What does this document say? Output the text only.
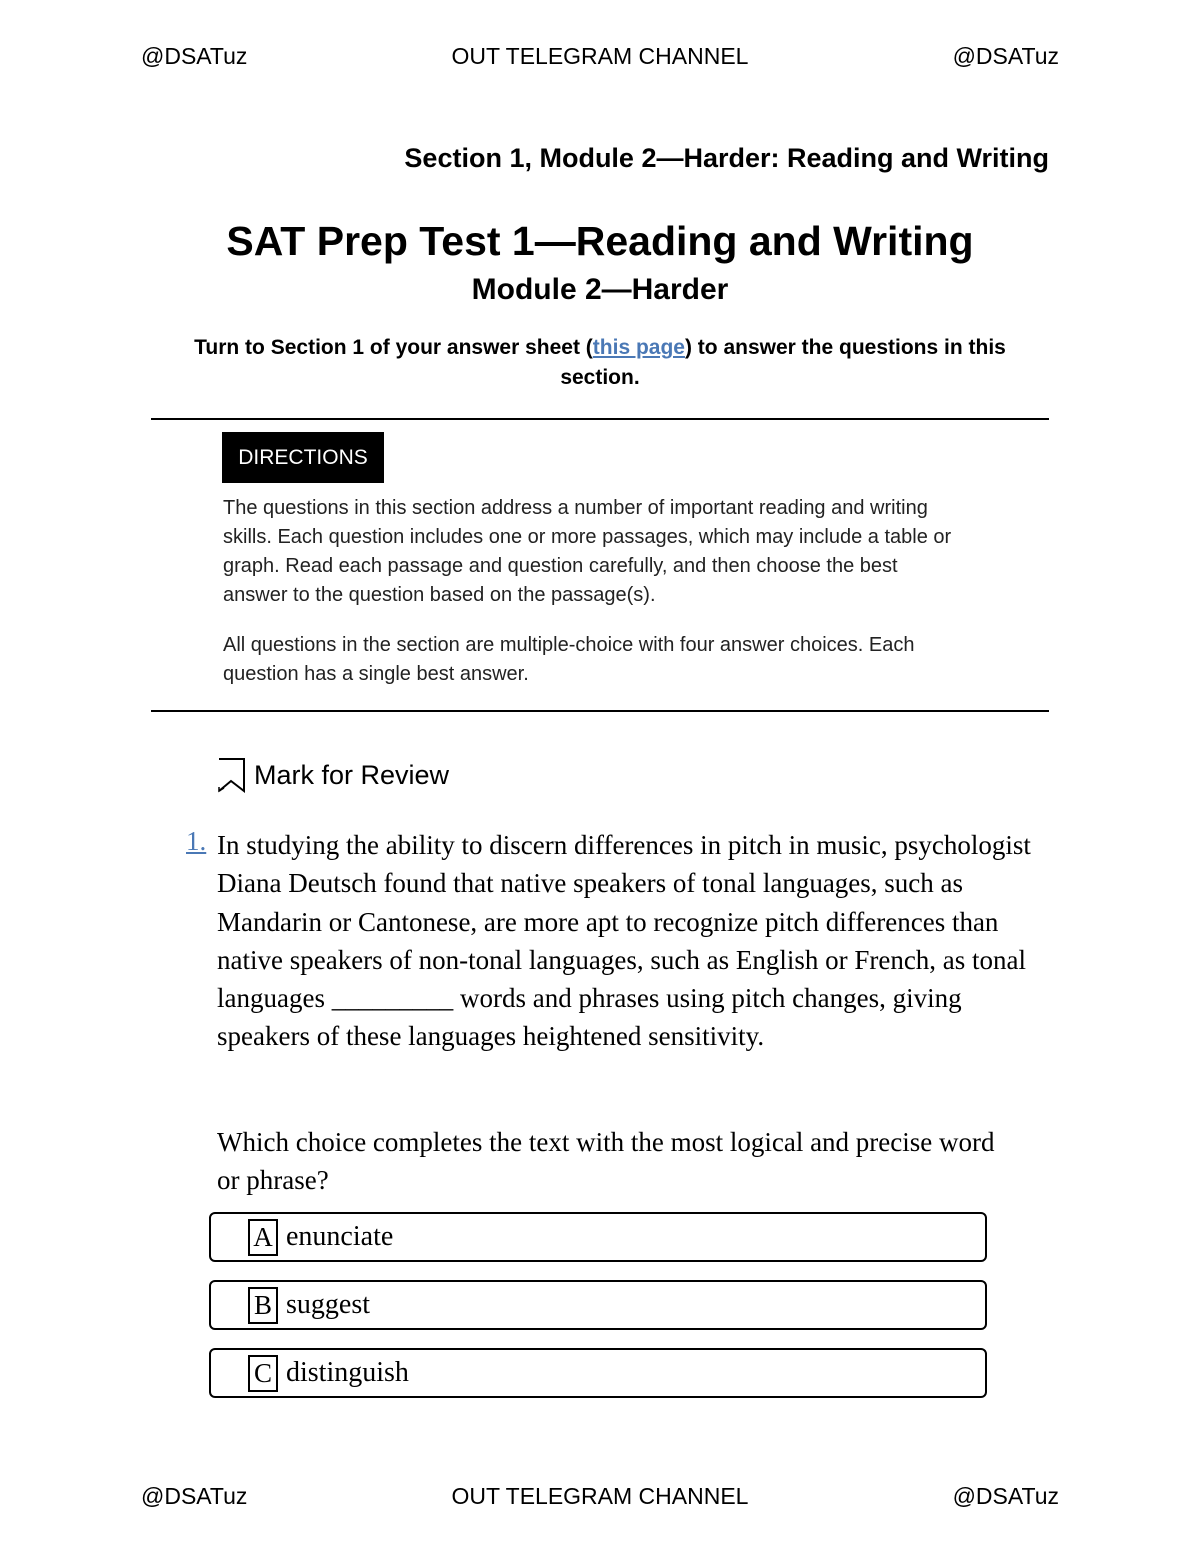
@DSATuz	OUT TELEGRAM CHANNEL	@DSATuz
Section 1, Module 2—Harder: Reading and Writing
SAT Prep Test 1—Reading and Writing
Module 2—Harder
Turn to Section 1 of your answer sheet (this page) to answer the questions in this section.
DIRECTIONS
The questions in this section address a number of important reading and writing skills. Each question includes one or more passages, which may include a table or graph. Read each passage and question carefully, and then choose the best answer to the question based on the passage(s).
All questions in the section are multiple-choice with four answer choices. Each question has a single best answer.
Mark for Review
1. In studying the ability to discern differences in pitch in music, psychologist Diana Deutsch found that native speakers of tonal languages, such as Mandarin or Cantonese, are more apt to recognize pitch differences than native speakers of non-tonal languages, such as English or French, as tonal languages _________ words and phrases using pitch changes, giving speakers of these languages heightened sensitivity.
Which choice completes the text with the most logical and precise word or phrase?
A enunciate
B suggest
C distinguish
@DSATuz	OUT TELEGRAM CHANNEL	@DSATuz
